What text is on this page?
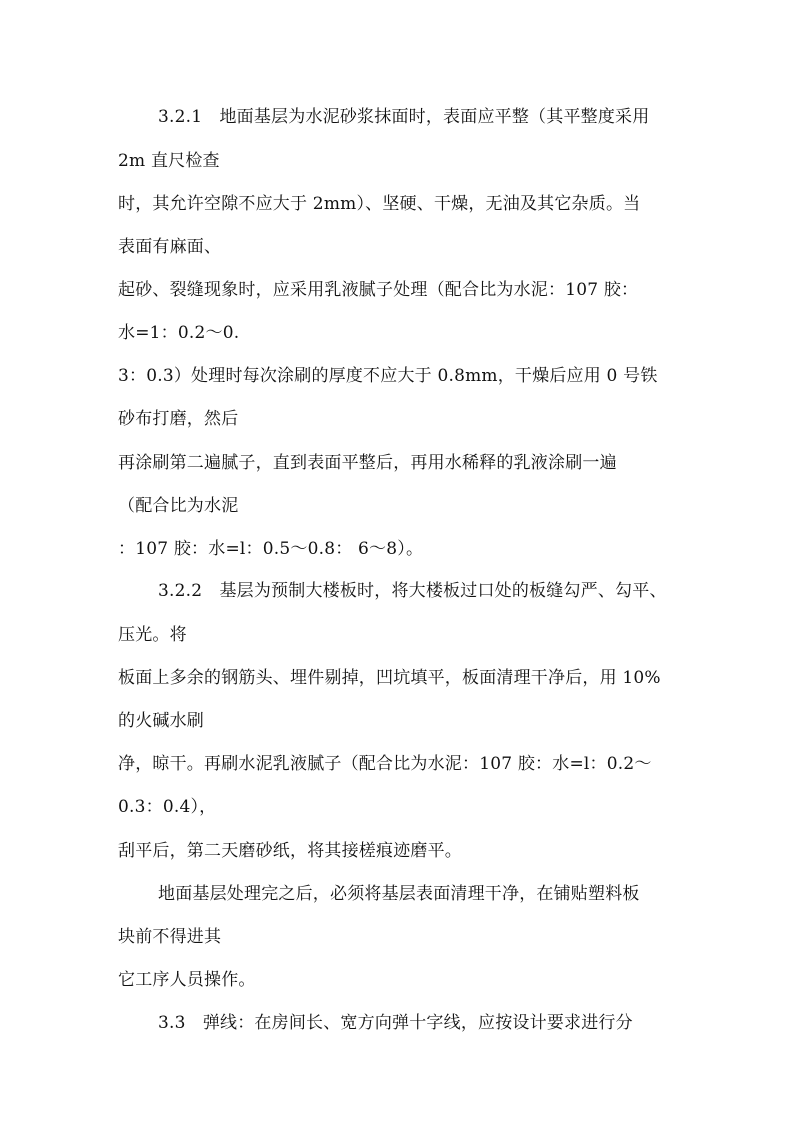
3.2.1　地面基层为水泥砂浆抹面时，表面应平整（其平整度采用
2m 直尺检查
时，其允许空隙不应大于 2mm）、坚硬、干燥，无油及其它杂质。当
表面有麻面、
起砂、裂缝现象时，应采用乳液腻子处理（配合比为水泥：107 胶：
水=1：0.2～0.
3：0.3）处理时每次涂刷的厚度不应大于 0.8mm，干燥后应用 0 号铁
砂布打磨，然后
再涂刷第二遍腻子，直到表面平整后，再用水稀释的乳液涂刷一遍
（配合比为水泥
：107 胶：水=l：0.5～0.8： 6～8）。
3.2.2　基层为预制大楼板时，将大楼板过口处的板缝勾严、勾平、
压光。将
板面上多余的钢筋头、埋件剔掉，凹坑填平，板面清理干净后，用 10%
的火碱水刷
净，晾干。再刷水泥乳液腻子（配合比为水泥：107 胶：水=l：0.2～
0.3：0.4），
刮平后，第二天磨砂纸，将其接槎痕迹磨平。
地面基层处理完之后，必须将基层表面清理干净，在铺贴塑料板
块前不得进其
它工序人员操作。
3.3　弹线：在房间长、宽方向弹十字线，应按设计要求进行分
